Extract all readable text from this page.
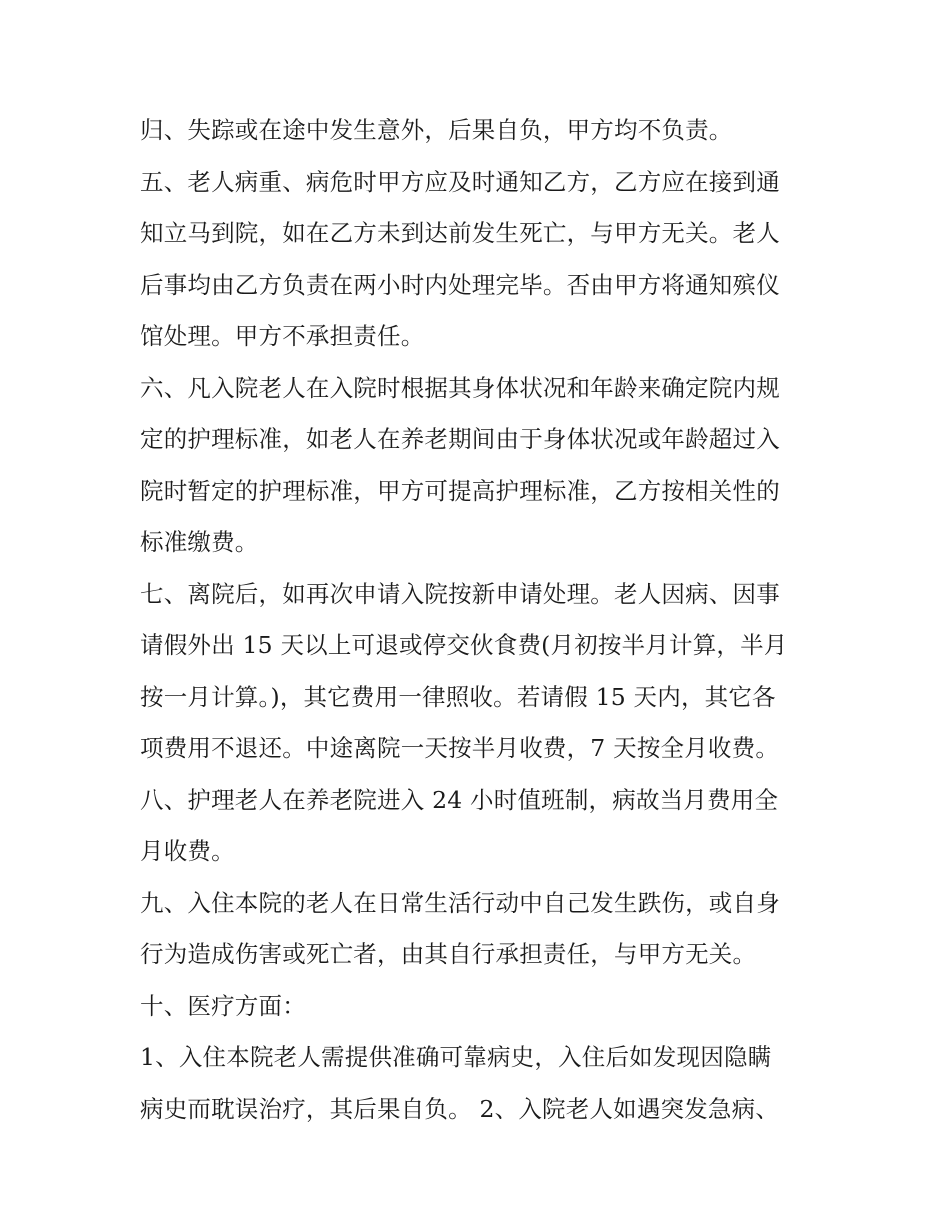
归、失踪或在途中发生意外，后果自负，甲方均不负责。
五、老人病重、病危时甲方应及时通知乙方，乙方应在接到通
知立马到院，如在乙方未到达前发生死亡，与甲方无关。老人
后事均由乙方负责在两小时内处理完毕。否由甲方将通知殡仪
馆处理。甲方不承担责任。
六、凡入院老人在入院时根据其身体状况和年龄来确定院内规
定的护理标准，如老人在养老期间由于身体状况或年龄超过入
院时暂定的护理标准，甲方可提高护理标准，乙方按相关性的
标准缴费。
七、离院后，如再次申请入院按新申请处理。老人因病、因事
请假外出 15 天以上可退或停交伙食费(月初按半月计算，半月
按一月计算。)，其它费用一律照收。若请假 15 天内，其它各
项费用不退还。中途离院一天按半月收费，7 天按全月收费。
八、护理老人在养老院进入 24 小时值班制，病故当月费用全
月收费。
九、入住本院的老人在日常生活行动中自己发生跌伤，或自身
行为造成伤害或死亡者，由其自行承担责任，与甲方无关。
十、医疗方面：
1、入住本院老人需提供准确可靠病史，入住后如发现因隐瞒
病史而耽误治疗，其后果自负。 2、入院老人如遇突发急病、
